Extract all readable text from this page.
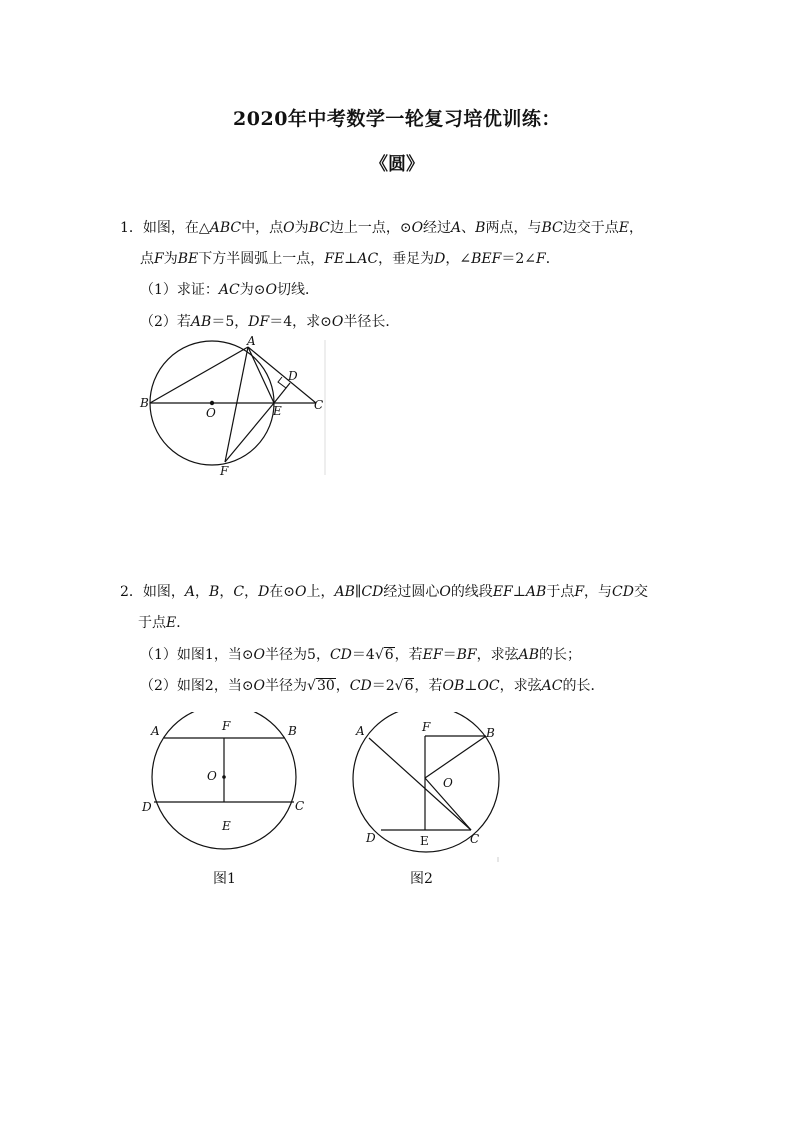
2020年中考数学一轮复习培优训练：
《圆》
1．如图，在△ABC中，点O为BC边上一点，⊙O经过A、B两点，与BC边交于点E，
点F为BE下方半圆弧上一点，FE⊥AC，垂足为D，∠BEF＝2∠F．
（1）求证：AC为⊙O切线．
（2）若AB＝5，DF＝4，求⊙O半径长．
A
B	C
D
E
F
O
2．如图，A，B，C，D在⊙O上，AB∥CD经过圆心O的线段EF⊥AB于点F，与CD交
于点E．
（1）如图1，当⊙O半径为5，CD＝4√6，若EF＝BF，求弦AB的长；
（2）如图2，当⊙O半径为√30，CD＝2√6，若OB⊥OC，求弦AC的长．
A	B
C
D
E
F
O
图1
A	B
C
D	E
F
O
图2
